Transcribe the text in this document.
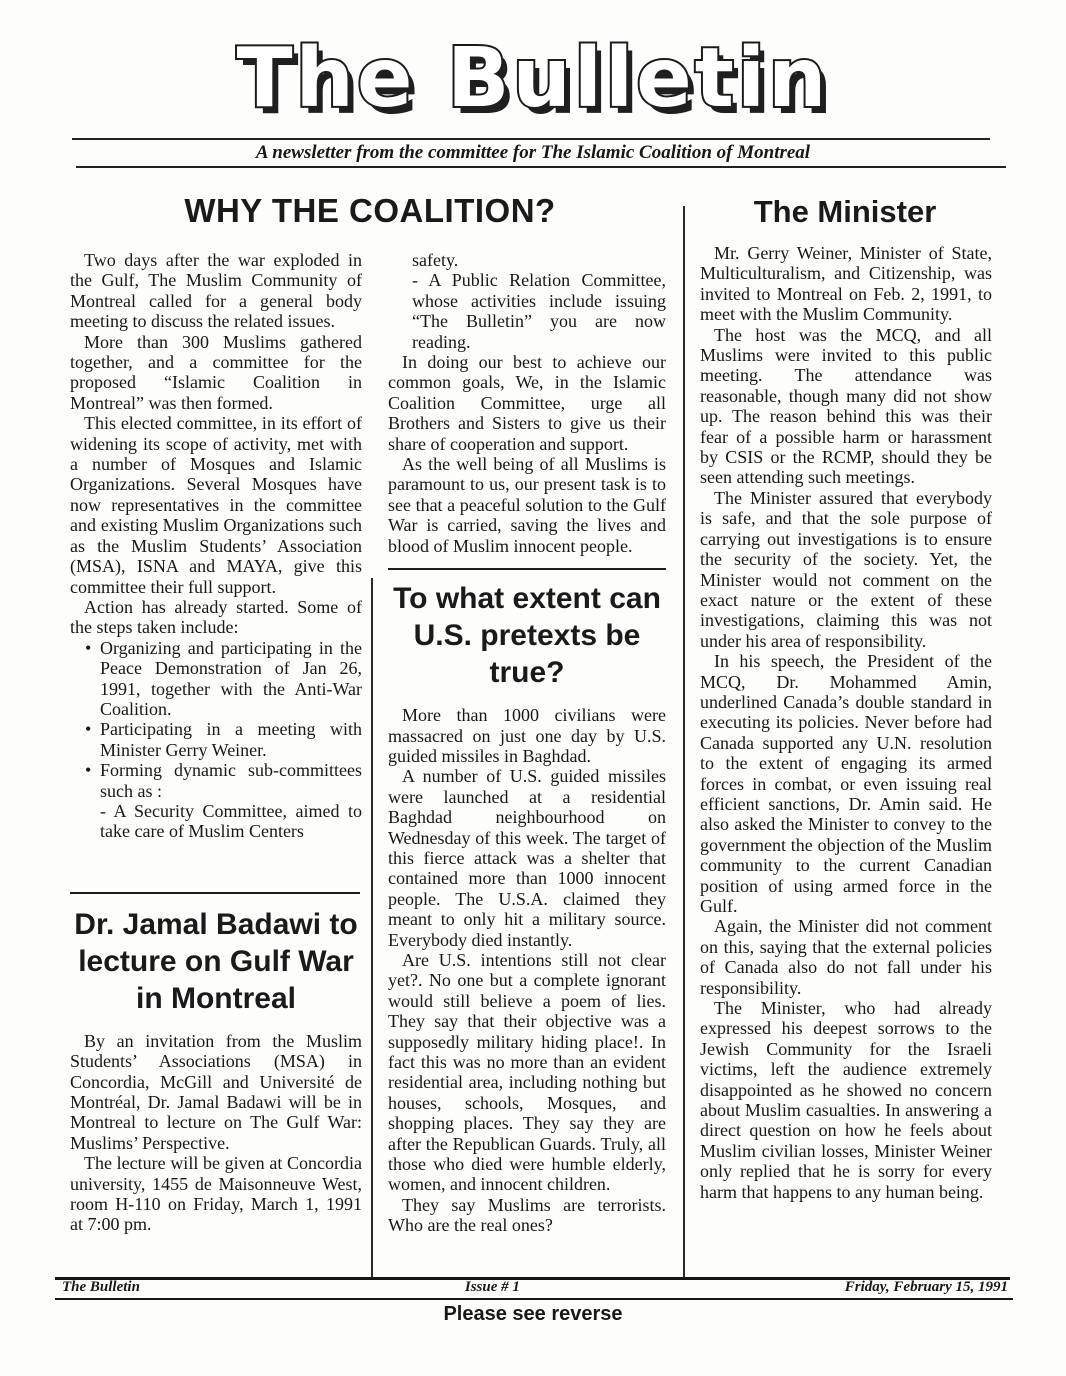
The Bulletin
A newsletter from the committee for The Islamic Coalition of Montreal
WHY THE COALITION?	The Minister

Two days after the war exploded in the Gulf, The Muslim Community of Montreal called for a general body meeting to discuss the related issues.

More than 300 Muslims gathered together, and a committee for the proposed “Islamic Coalition in Montreal” was then formed.

This elected committee, in its effort of widening its scope of activity, met with a number of Mosques and Islamic Organizations. Several Mosques have now representatives in the committee and existing Muslim Organizations such as the Muslim Students’ Association (MSA), ISNA and MAYA, give this committee their full support.

Action has already started. Some of the steps taken include:

• Organizing and participating in the Peace Demonstration of Jan 26, 1991, together with the Anti-War Coalition.
• Participating in a meeting with Minister Gerry Weiner.
• Forming dynamic sub-committees such as :
- A Security Committee, aimed to take care of Muslim Centers
Dr. Jamal Badawi to lecture on Gulf War in Montreal

By an invitation from the Muslim Students’ Associations (MSA) in Concordia, McGill and Université de Montréal, Dr. Jamal Badawi will be in Montreal to lecture on The Gulf War: Muslims’ Perspective.

The lecture will be given at Concordia university, 1455 de Maisonneuve West, room H-110 on Friday, March 1, 1991 at 7:00 pm.

safety.
- A Public Relation Committee, whose activities include issuing “The Bulletin” you are now reading.

In doing our best to achieve our common goals, We, in the Islamic Coalition Committee, urge all Brothers and Sisters to give us their share of cooperation and support.

As the well being of all Muslims is paramount to us, our present task is to see that a peaceful solution to the Gulf War is carried, saving the lives and blood of Muslim innocent people.

To what extent can U.S. pretexts be true?

More than 1000 civilians were massacred on just one day by U.S. guided missiles in Baghdad.

A number of U.S. guided missiles were launched at a residential Baghdad neighbourhood on Wednesday of this week. The target of this fierce attack was a shelter that contained more than 1000 innocent people. The U.S.A. claimed they meant to only hit a military source. Everybody died instantly.

Are U.S. intentions still not clear yet?. No one but a complete ignorant would still believe a poem of lies. They say that their objective was a supposedly military hiding place!. In fact this was no more than an evident residential area, including nothing but houses, schools, Mosques, and shopping places. They say they are after the Republican Guards. Truly, all those who died were humble elderly, women, and innocent children.

They say Muslims are terrorists. Who are the real ones?

Mr. Gerry Weiner, Minister of State, Multiculturalism, and Citizenship, was invited to Montreal on Feb. 2, 1991, to meet with the Muslim Community.

The host was the MCQ, and all Muslims were invited to this public meeting. The attendance was reasonable, though many did not show up. The reason behind this was their fear of a possible harm or harassment by CSIS or the RCMP, should they be seen attending such meetings.

The Minister assured that everybody is safe, and that the sole purpose of carrying out investigations is to ensure the security of the society. Yet, the Minister would not comment on the exact nature or the extent of these investigations, claiming this was not under his area of responsibility.

In his speech, the President of the MCQ, Dr. Mohammed Amin, underlined Canada’s double standard in executing its policies. Never before had Canada supported any U.N. resolution to the extent of engaging its armed forces in combat, or even issuing real efficient sanctions, Dr. Amin said. He also asked the Minister to convey to the government the objection of the Muslim community to the current Canadian position of using armed force in the Gulf.

Again, the Minister did not comment on this, saying that the external policies of Canada also do not fall under his responsibility.

The Minister, who had already expressed his deepest sorrows to the Jewish Community for the Israeli victims, left the audience extremely disappointed as he showed no concern about Muslim casualties. In answering a direct question on how he feels about Muslim civilian losses, Minister Weiner only replied that he is sorry for every harm that happens to any human being.

The Bulletin	Issue # 1	Friday, February 15, 1991
Please see reverse
